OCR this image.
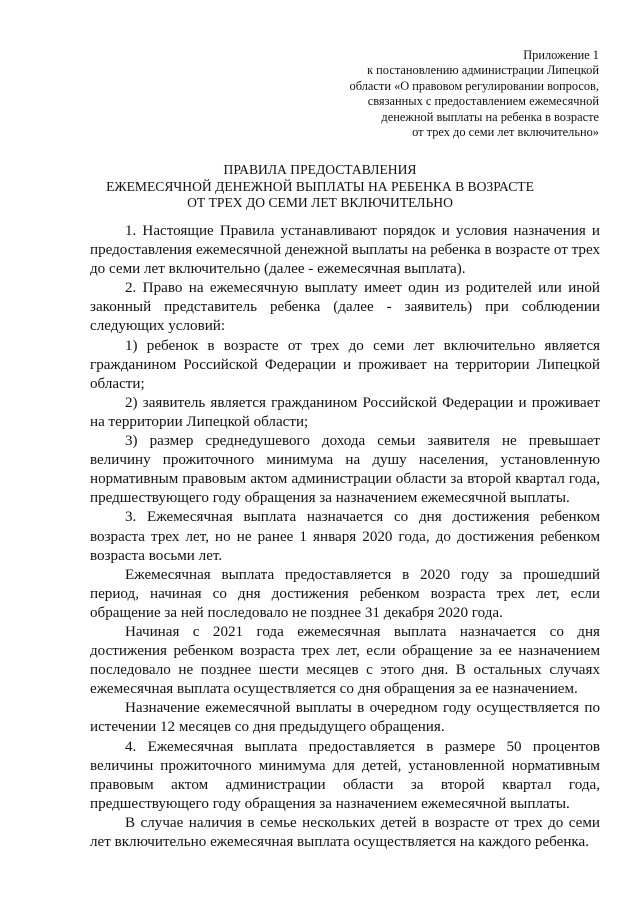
Приложение 1
к постановлению администрации Липецкой
области «О правовом регулировании вопросов,
связанных с предоставлением ежемесячной
денежной выплаты на ребенка в возрасте
от трех до семи лет включительно»
ПРАВИЛА ПРЕДОСТАВЛЕНИЯ
ЕЖЕМЕСЯЧНОЙ ДЕНЕЖНОЙ ВЫПЛАТЫ НА РЕБЕНКА В ВОЗРАСТЕ
ОТ ТРЕХ ДО СЕМИ ЛЕТ ВКЛЮЧИТЕЛЬНО

1. Настоящие Правила устанавливают порядок и условия назначения и предоставления ежемесячной денежной выплаты на ребенка в возрасте от трех до семи лет включительно (далее - ежемесячная выплата).

2. Право на ежемесячную выплату имеет один из родителей или иной законный представитель ребенка (далее - заявитель) при соблюдении следующих условий:

1) ребенок в возрасте от трех до семи лет включительно является гражданином Российской Федерации и проживает на территории Липецкой области;

2) заявитель является гражданином Российской Федерации и проживает на территории Липецкой области;

3) размер среднедушевого дохода семьи заявителя не превышает величину прожиточного минимума на душу населения, установленную нормативным правовым актом администрации области за второй квартал года, предшествующего году обращения за назначением ежемесячной выплаты.

3. Ежемесячная выплата назначается со дня достижения ребенком возраста трех лет, но не ранее 1 января 2020 года, до достижения ребенком возраста восьми лет.

Ежемесячная выплата предоставляется в 2020 году за прошедший период, начиная со дня достижения ребенком возраста трех лет, если обращение за ней последовало не позднее 31 декабря 2020 года.

Начиная с 2021 года ежемесячная выплата назначается со дня достижения ребенком возраста трех лет, если обращение за ее назначением последовало не позднее шести месяцев с этого дня. В остальных случаях ежемесячная выплата осуществляется со дня обращения за ее назначением.

Назначение ежемесячной выплаты в очередном году осуществляется по истечении 12 месяцев со дня предыдущего обращения.

4. Ежемесячная выплата предоставляется в размере 50 процентов величины прожиточного минимума для детей, установленной нормативным правовым актом администрации области за второй квартал года, предшествующего году обращения за назначением ежемесячной выплаты.

В случае наличия в семье нескольких детей в возрасте от трех до семи лет включительно ежемесячная выплата осуществляется на каждого ребенка.
